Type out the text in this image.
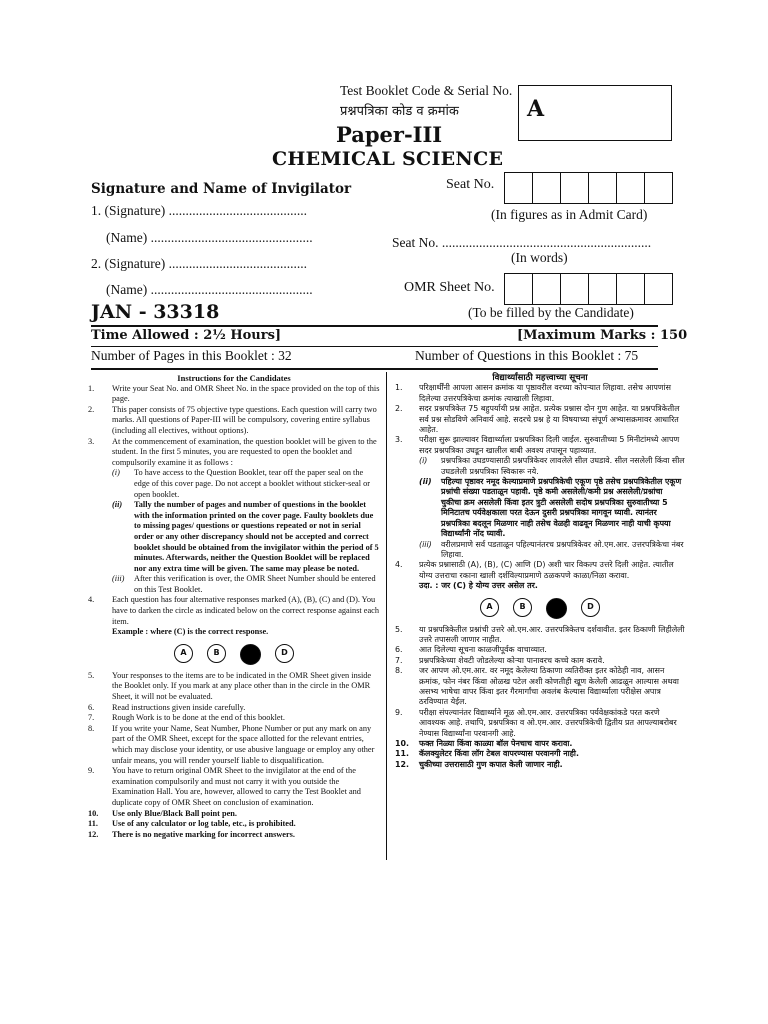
Test Booklet Code & Serial No.
प्रश्नपत्रिका कोड व क्रमांक	A
Paper-III
CHEMICAL SCIENCE
Signature and Name of Invigilator
1. (Signature) .........................................
(Name) ................................................
2. (Signature) .........................................
(Name) ................................................
Seat No.
(In figures as in Admit Card)
Seat No. ..............................................................
(In words)
OMR Sheet No.
(To be filled by the Candidate)
JAN - 33318
Time Allowed : 2½ Hours]	[Maximum Marks : 150
Number of Pages in this Booklet : 32	Number of Questions in this Booklet : 75
Instructions for the Candidates
1.	Write your Seat No. and OMR Sheet No. in the space provided on the top of this page.
2.	This paper consists of 75 objective type questions. Each question will carry two marks. All questions of Paper-III will be compulsory, covering entire syllabus (including all electives, without options).
3.	At the commencement of examination, the question booklet will be given to the student. In the first 5 minutes, you are requested to open the booklet and compulsorily examine it as follows :
(i)	To have access to the Question Booklet, tear off the paper seal on the edge of this cover page. Do not accept a booklet without sticker-seal or open booklet.
(ii)	Tally the number of pages and number of questions in the booklet with the information printed on the cover page. Faulty booklets due to missing pages/ questions or questions repeated or not in serial order or any other discrepancy should not be accepted and correct booklet should be obtained from the invigilator within the period of 5 minutes. Afterwards, neither the Question Booklet will be replaced nor any extra time will be given. The same may please be noted.
(iii)	After this verification is over, the OMR Sheet Number should be entered on this Test Booklet.
4.	Each question has four alternative responses marked (A), (B), (C) and (D). You have to darken the circle as indicated below on the correct response against each item.
Example : where (C) is the correct response.
A	B	D
5.	Your responses to the items are to be indicated in the OMR Sheet given inside the Booklet only. If you mark at any place other than in the circle in the OMR Sheet, it will not be evaluated.
6.	Read instructions given inside carefully.
7.	Rough Work is to be done at the end of this booklet.
8.	If you write your Name, Seat Number, Phone Number or put any mark on any part of the OMR Sheet, except for the space allotted for the relevant entries, which may disclose your identity, or use abusive language or employ any other unfair means, you will render yourself liable to disqualification.
9.	You have to return original OMR Sheet to the invigilator at the end of the examination compulsorily and must not carry it with you outside the Examination Hall. You are, however, allowed to carry the Test Booklet and duplicate copy of OMR Sheet on conclusion of examination.
10.	Use only Blue/Black Ball point pen.
11.	Use of any calculator or log table, etc., is prohibited.
12.	There is no negative marking for incorrect answers.
विद्यार्थ्यांसाठी महत्त्वाच्या सूचना
1.	परिक्षार्थींनी आपला आसन क्रमांक या पृष्ठावरील वरच्या कोपऱ्यात लिहावा. तसेच आपणांस दिलेल्या उत्तरपत्रिकेचा क्रमांक त्याखाली लिहावा.
2.	सदर प्रश्नपत्रिकेत 75 बहुपर्यायी प्रश्न आहेत. प्रत्येक प्रश्नास दोन गुण आहेत. या प्रश्नपत्रिकेतील सर्व प्रश्न सोडविणे अनिवार्य आहे. सदरचे प्रश्न हे या विषयाच्या संपूर्ण अभ्यासक्रमावर आधारित आहेत.
3.	परीक्षा सुरू झाल्यावर विद्यार्थ्याला प्रश्नपत्रिका दिली जाईल. सुरुवातीच्या 5 मिनीटांमध्ये आपण सदर प्रश्नपत्रिका उघडून खालील बाबी अवश्य तपासून पहाव्यात.
(i)	प्रश्नपत्रिका उघडण्यासाठी प्रश्नपत्रिकेवर लावलेले सील उघडावे. सील नसलेली किंवा सील उघडलेली प्रश्नपत्रिका स्विकारू नये.
(ii)	पहिल्या पृष्ठावर नमूद केल्याप्रमाणे प्रश्नपत्रिकेची एकूण पृष्ठे तसेच प्रश्नपत्रिकेतील एकूण प्रश्नांची संख्या पडताळून पहावी. पृष्ठे कमी असलेली/कमी प्रश्न असलेली/प्रश्नांचा चुकीचा क्रम असलेली किंवा इतर त्रुटी असलेली सदोष प्रश्नपत्रिका सुरुवातीच्या 5 मिनिटातच पर्यवेक्षकाला परत देऊन दुसरी प्रश्नपत्रिका मागवून घ्यावी. त्यानंतर प्रश्नपत्रिका बदलून मिळणार नाही तसेच वेळही वाढवून मिळणार नाही याची कृपया विद्यार्थ्यांनी नोंद घ्यावी.
(iii)	वरीलप्रमाणे सर्व पडताळून पहिल्यानंतरच प्रश्नपत्रिकेवर ओ.एम.आर. उत्तरपत्रिकेचा नंबर लिहावा.
4.	प्रत्येक प्रश्नासाठी (A), (B), (C) आणि (D) अशी चार विकल्प उत्तरे दिली आहेत. त्यातील योग्य उत्तराचा रकाना खाली दर्शविल्याप्रमाणे ठळकपणे काळा/निळा करावा.
उदा. : जर (C) हे योग्य उत्तर असेल तर.
A	B	D
5.	या प्रश्नपत्रिकेतील प्रश्नांची उत्तरे ओ.एम.आर. उत्तरपत्रिकेतच दर्शवावीत. इतर ठिकाणी लिहीलेली उत्तरे तपासली जाणार नाहीत.
6.	आत दिलेल्या सूचना काळजीपूर्वक वाचाव्यात.
7.	प्रश्नपत्रिकेच्या शेवटी जोडलेल्या कोऱ्या पानावरच कच्चे काम करावे.
8.	जर आपण ओ.एम.आर. वर नमूद केलेल्या ठिकाणा व्यतिरीक्त इतर कोठेही नाव, आसन क्रमांक, फोन नंबर किंवा ओळख पटेल अशी कोणतीही खूण केलेली आढळून आल्यास अथवा असभ्य भाषेचा वापर किंवा इतर गैरमार्गांचा अवलंब केल्यास विद्यार्थ्याला परीक्षेस अपात्र ठरविण्यात येईल.
9.	परीक्षा संपल्यानंतर विद्यार्थ्याने मूळ ओ.एम.आर. उत्तरपत्रिका पर्यवेक्षकांकडे परत करणे आवश्यक आहे. तथापि, प्रश्नपत्रिका व ओ.एम.आर. उत्तरपत्रिकेची द्वितीय प्रत आपल्याबरोबर नेण्यास विद्यार्थ्यांना परवानगी आहे.
10.	फक्त निळ्या किंवा काळ्या बॉल पेनचाच वापर करावा.
11.	कॅलक्युलेटर किंवा लॉग टेबल वापरण्यास परवानगी नाही.
12.	चुकीच्या उत्तरासाठी गुण कपात केली जाणार नाही.
